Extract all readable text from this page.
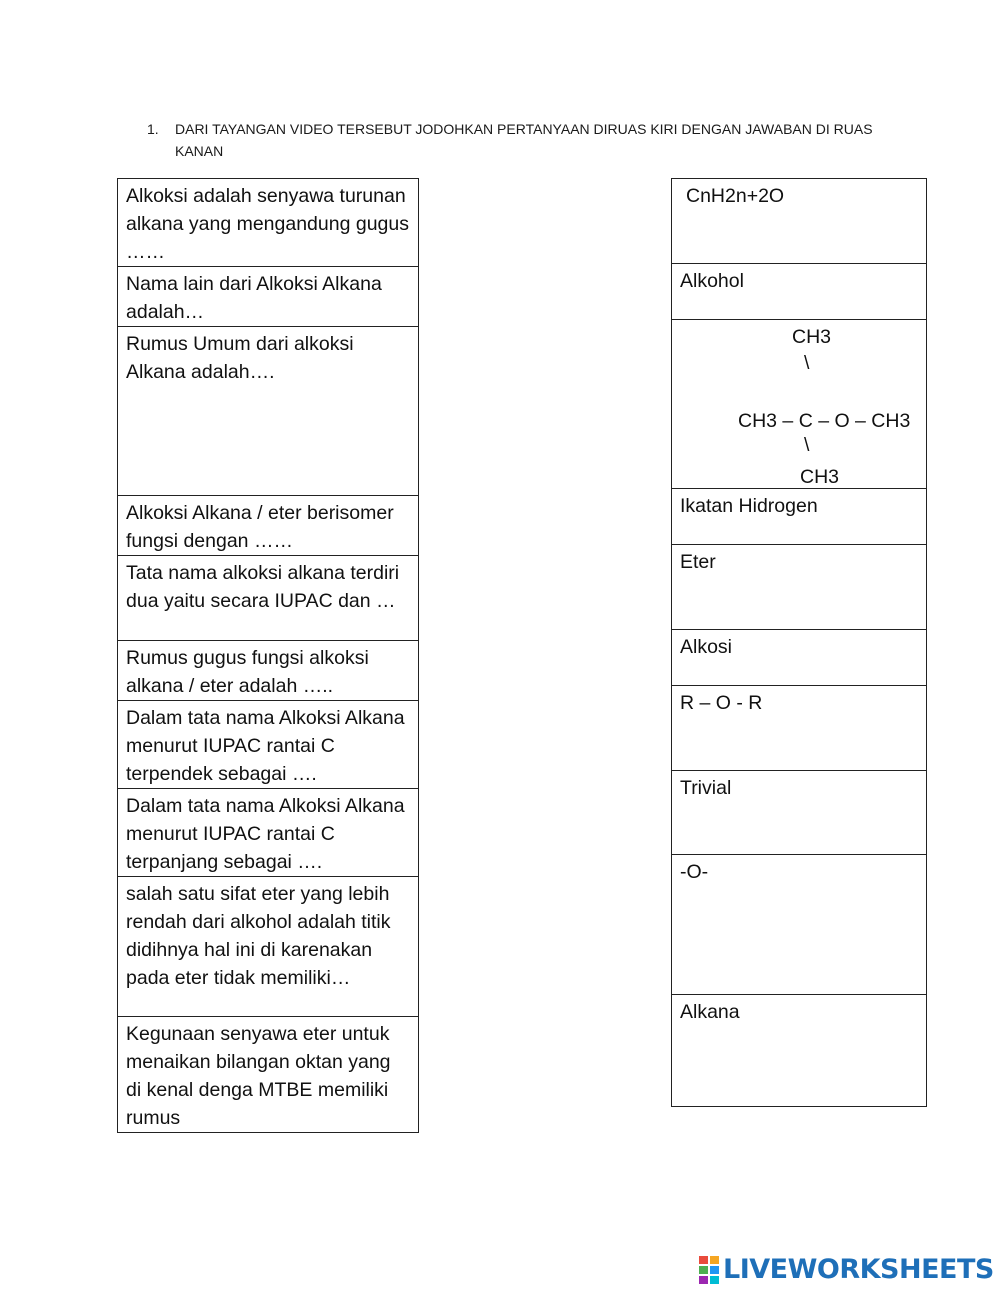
1. DARI TAYANGAN VIDEO TERSEBUT JODOHKAN PERTANYAAN DIRUAS KIRI DENGAN JAWABAN DI RUAS KANAN
Alkoksi adalah senyawa turunan alkana yang mengandung gugus ……
Nama lain dari Alkoksi Alkana adalah…
Rumus Umum dari alkoksi Alkana adalah….
Alkoksi Alkana / eter berisomer fungsi dengan ……
Tata nama alkoksi alkana terdiri dua yaitu secara IUPAC dan …
Rumus gugus fungsi alkoksi alkana / eter adalah …..
Dalam tata nama Alkoksi Alkana menurut IUPAC rantai C terpendek sebagai ….
Dalam tata nama Alkoksi Alkana menurut IUPAC rantai C terpanjang sebagai ….
salah satu sifat eter yang lebih rendah dari alkohol adalah titik didihnya hal ini di karenakan pada eter tidak memiliki…
Kegunaan senyawa eter untuk menaikan bilangan oktan yang di kenal denga MTBE memiliki rumus
CnH2n+2O
Alkohol

CH3
\
CH3 – C – O – CH3
\
CH3

Ikatan Hidrogen
Eter
Alkosi
R – O - R
Trivial
-O-
Alkana
LIVEWORKSHEETS
